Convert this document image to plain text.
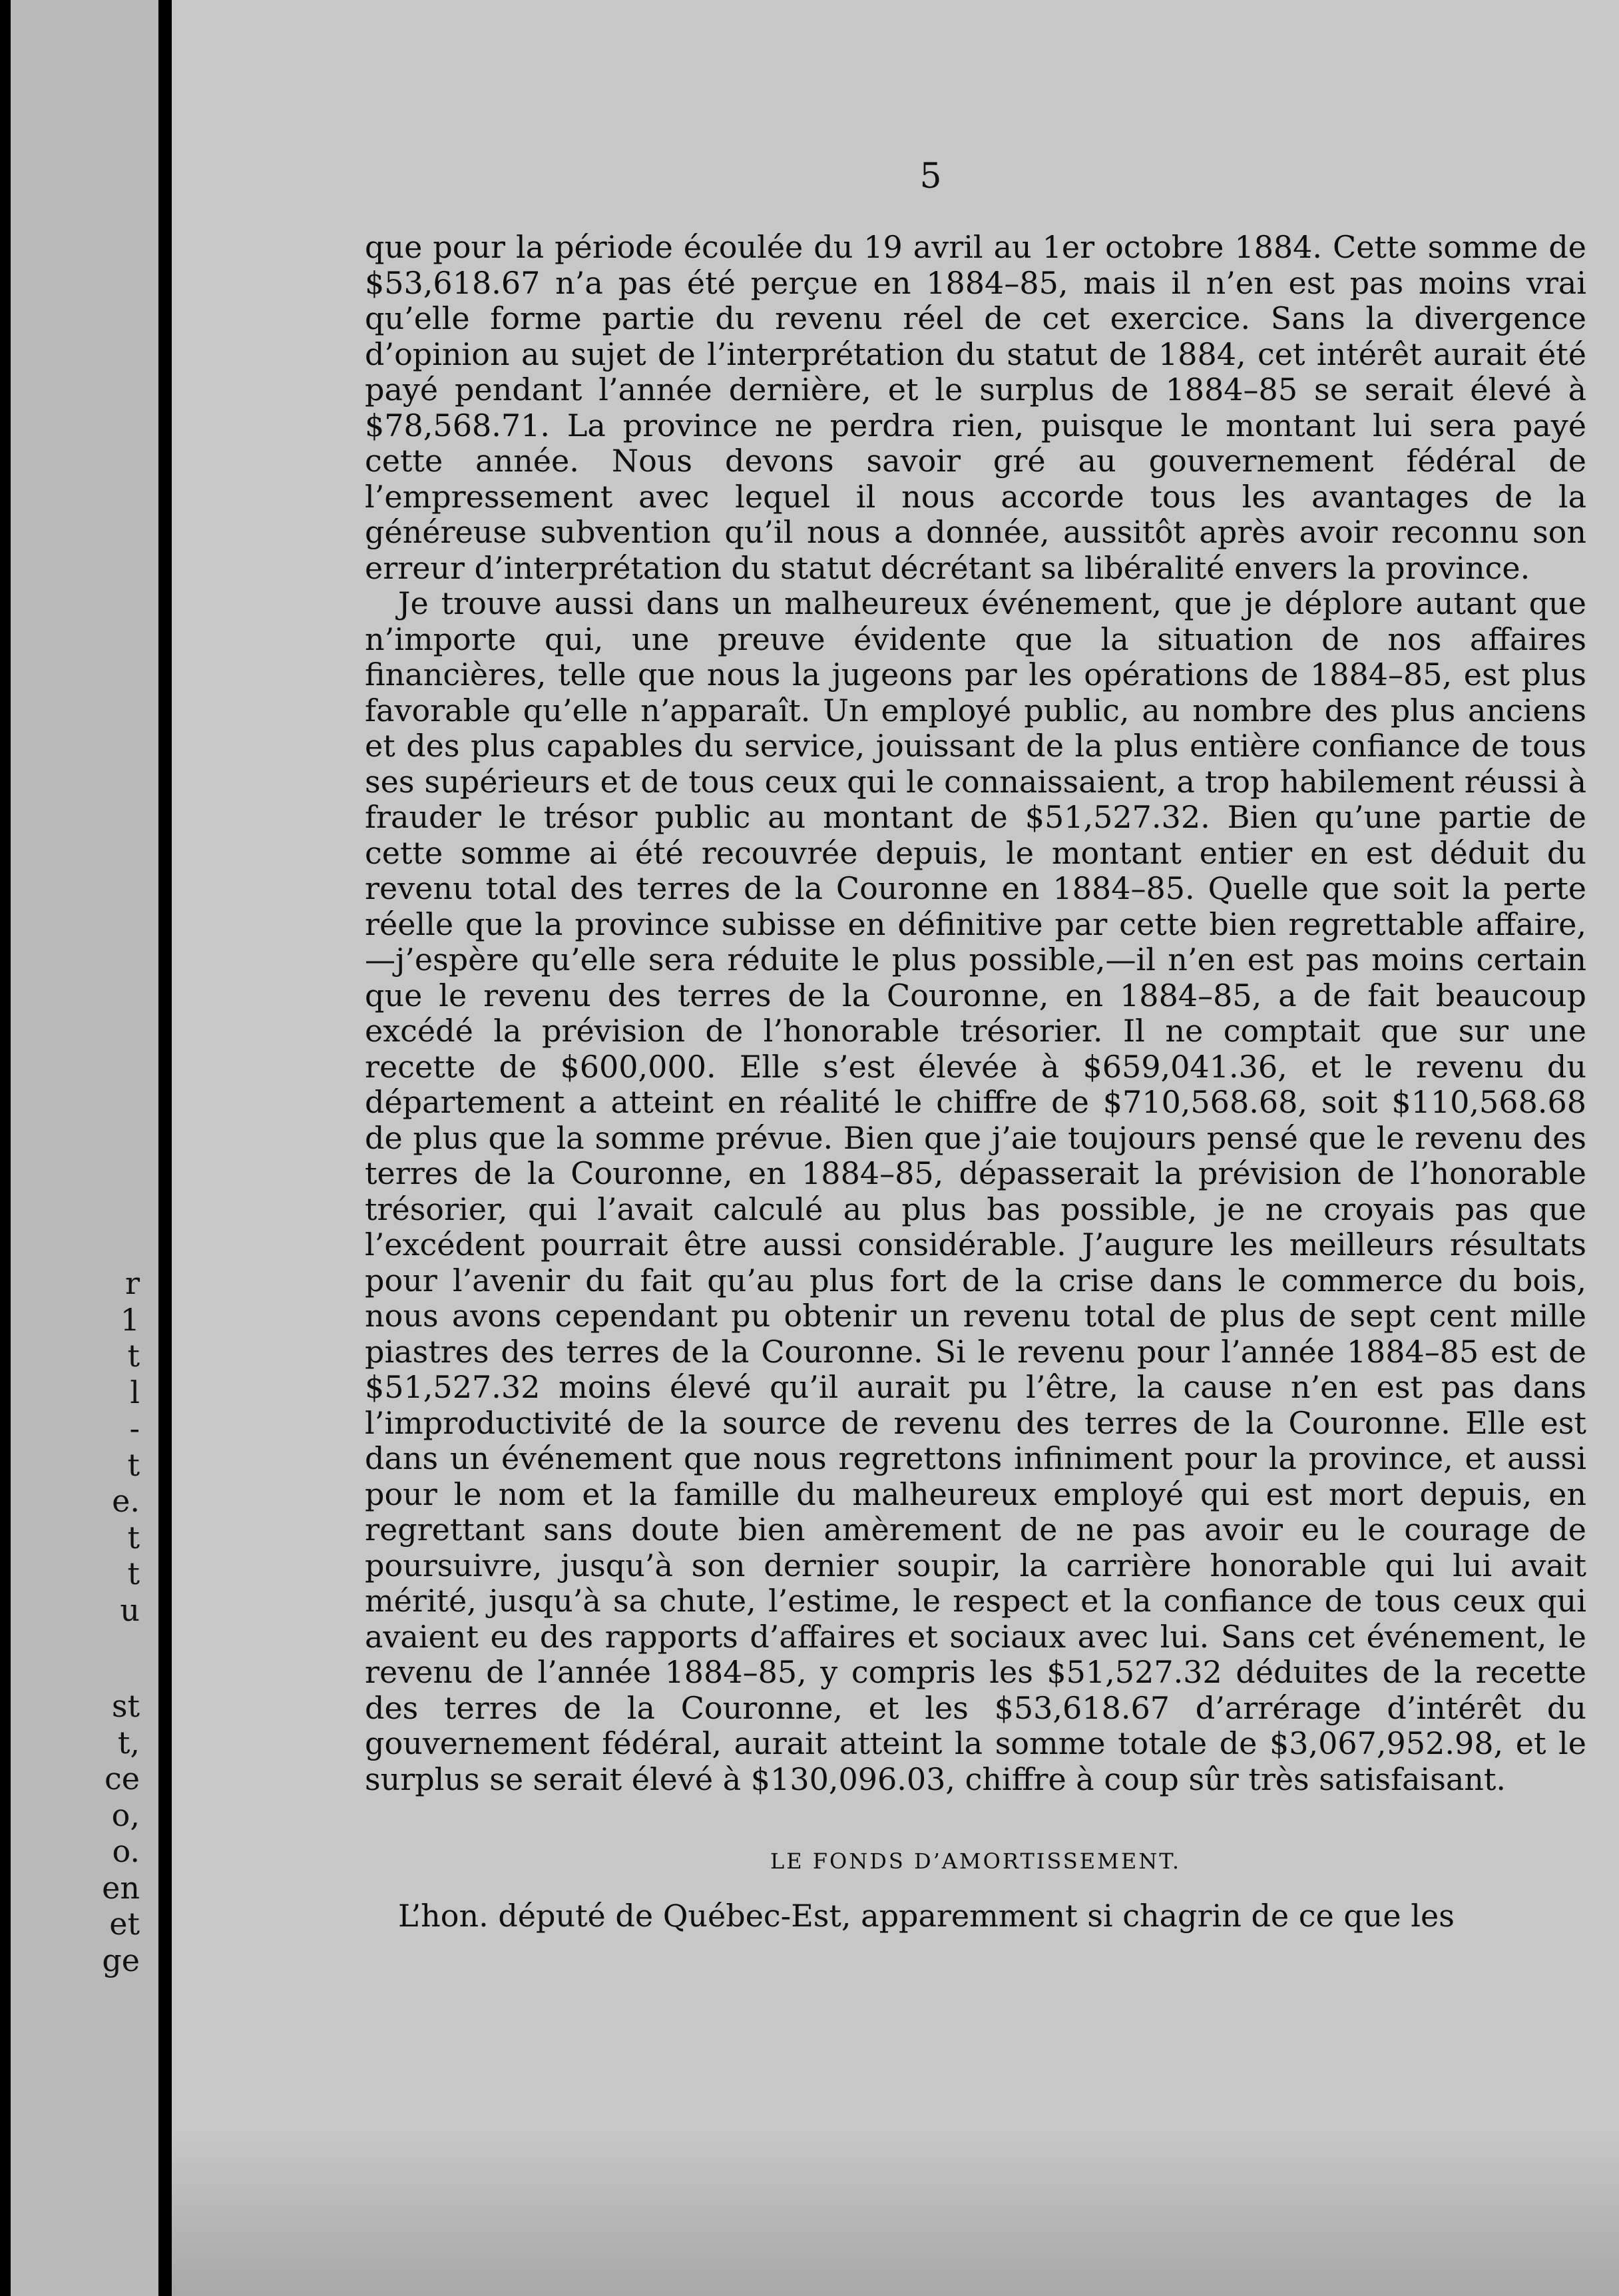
r
1
t
l
-
t
e.
t
t
u
st
t,
ce
o,
o.
en
et
ge
5

que pour la période écoulée du 19 avril au 1er octobre 1884. Cette somme de $53,618.67 n’a pas été perçue en 1884–85, mais il n’en est pas moins vrai qu’elle forme partie du revenu réel de cet exercice. Sans la divergence d’opinion au sujet de l’interprétation du statut de 1884, cet intérêt aurait été payé pendant l’année dernière, et le surplus de 1884–85 se serait élevé à $78,568.71. La province ne perdra rien, puisque le montant lui sera payé cette année. Nous devons savoir gré au gouvernement fédéral de l’empressement avec lequel il nous accorde tous les avantages de la généreuse subvention qu’il nous a donnée, aussitôt après avoir reconnu son erreur d’interprétation du statut décrétant sa libéralité envers la province.

Je trouve aussi dans un malheureux événement, que je déplore autant que n’importe qui, une preuve évidente que la situation de nos affaires financières, telle que nous la jugeons par les opérations de 1884–85, est plus favorable qu’elle n’apparaît. Un employé public, au nombre des plus anciens et des plus capables du service, jouissant de la plus entière confiance de tous ses supérieurs et de tous ceux qui le connaissaient, a trop habilement réussi à frauder le trésor public au montant de $51,527.32. Bien qu’une partie de cette somme ai été recouvrée depuis, le montant entier en est déduit du revenu total des terres de la Couronne en 1884–85. Quelle que soit la perte réelle que la province subisse en définitive par cette bien regrettable affaire,—j’espère qu’elle sera réduite le plus possible,—il n’en est pas moins certain que le revenu des terres de la Couronne, en 1884–85, a de fait beaucoup excédé la prévision de l’honorable trésorier. Il ne comptait que sur une recette de $600,000. Elle s’est élevée à $659,041.36, et le revenu du département a atteint en réalité le chiffre de $710,568.68, soit $110,568.68 de plus que la somme prévue. Bien que j’aie toujours pensé que le revenu des terres de la Couronne, en 1884–85, dépasserait la prévision de l’honorable trésorier, qui l’avait calculé au plus bas possible, je ne croyais pas que l’excédent pourrait être aussi considérable. J’augure les meilleurs résultats pour l’avenir du fait qu’au plus fort de la crise dans le commerce du bois, nous avons cependant pu obtenir un revenu total de plus de sept cent mille piastres des terres de la Couronne. Si le revenu pour l’année 1884–85 est de $51,527.32 moins élevé qu’il aurait pu l’être, la cause n’en est pas dans l’improductivité de la source de revenu des terres de la Couronne. Elle est dans un événement que nous regrettons infiniment pour la province, et aussi pour le nom et la famille du malheureux employé qui est mort depuis, en regrettant sans doute bien amèrement de ne pas avoir eu le courage de poursuivre, jusqu’à son dernier soupir, la carrière honorable qui lui avait mérité, jusqu’à sa chute, l’estime, le respect et la confiance de tous ceux qui avaient eu des rapports d’affaires et sociaux avec lui. Sans cet événement, le revenu de l’année 1884–85, y compris les $51,527.32 déduites de la recette des terres de la Couronne, et les $53,618.67 d’arrérage d’intérêt du gouvernement fédéral, aurait atteint la somme totale de $3,067,952.98, et le surplus se serait élevé à $130,096.03, chiffre à coup sûr très satisfaisant.

LE FONDS D’AMORTISSEMENT.

L’hon. député de Québec-Est, apparemment si chagrin de ce que les
